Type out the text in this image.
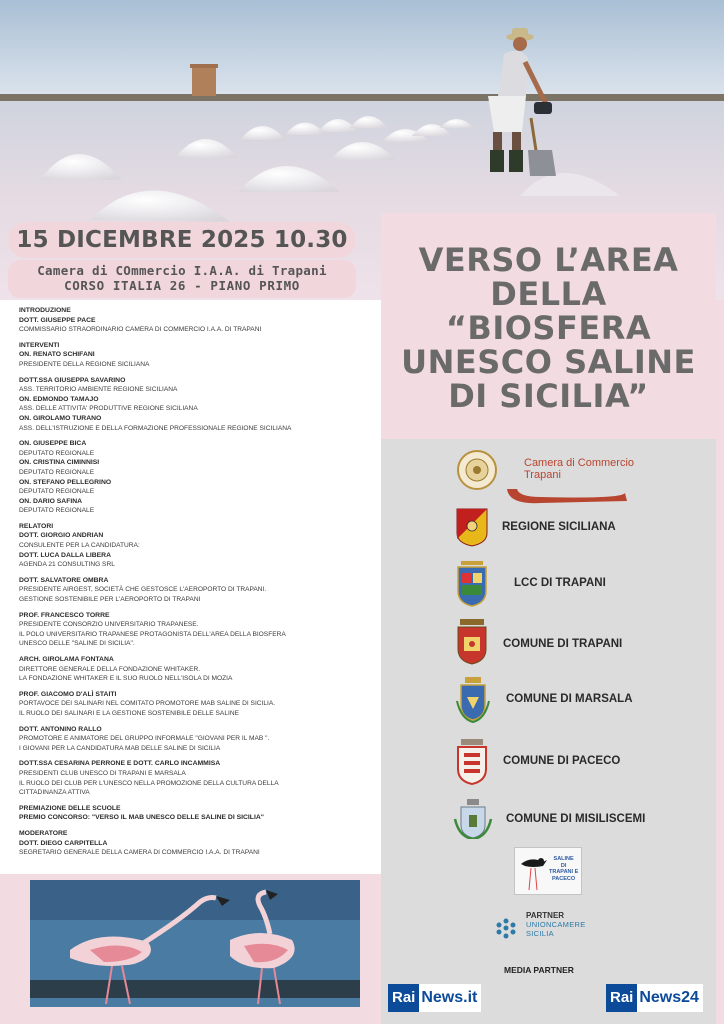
15 DICEMBRE 2025 10.30
Camera di COmmercio I.A.A. di Trapani
CORSO ITALIA 26 - PIANO PRIMO
VERSO L’AREA
DELLA
“BIOSFERA
UNESCO SALINE
DI SICILIA”
INTRODUZIONE
DOTT. GIUSEPPE PACE
COMMISSARIO STRAORDINARIO CAMERA DI COMMERCIO I.A.A. DI TRAPANI
INTERVENTI
ON. RENATO SCHIFANI
PRESIDENTE DELLA REGIONE SICILIANA
DOTT.SSA GIUSEPPA SAVARINO
ASS. TERRITORIO AMBIENTE REGIONE SICILIANA
ON. EDMONDO TAMAJO
ASS. DELLE ATTIVITA' PRODUTTIVE REGIONE SICILIANA
ON. GIROLAMO TURANO
ASS. DELL'ISTRUZIONE E DELLA FORMAZIONE PROFESSIONALE REGIONE SICILIANA
ON. GIUSEPPE BICA
DEPUTATO REGIONALE
ON. CRISTINA CIMINNISI
DEPUTATO REGIONALE
ON. STEFANO PELLEGRINO
DEPUTATO REGIONALE
ON. DARIO SAFINA
DEPUTATO REGIONALE
RELATORI
DOTT. GIORGIO ANDRIAN
CONSULENTE PER LA CANDIDATURA:
DOTT. LUCA DALLA LIBERA
AGENDA 21 CONSULTING SRL
DOTT. SALVATORE OMBRA
PRESIDENTE AIRGEST, SOCIETÀ CHE GESTOSCE L'AEROPORTO DI TRAPANI.
GESTIONE SOSTENIBILE PER L'AEROPORTO DI TRAPANI
PROF. FRANCESCO TORRE
PRESIDENTE CONSORZIO UNIVERSITARIO TRAPANESE.
IL POLO UNIVERSITARIO TRAPANESE PROTAGONISTA DELL'AREA DELLA BIOSFERA
UNESCO DELLE "SALINE DI SICILIA".
ARCH. GIROLAMA FONTANA
DIRETTORE GENERALE DELLA FONDAZIONE WHITAKER.
LA FONDAZIONE WHITAKER E IL SUO RUOLO NELL'ISOLA DI MOZIA
PROF. GIACOMO D'ALÌ STAITI
PORTAVOCE DEI SALINARI NEL COMITATO PROMOTORE MAB SALINE DI SICILIA.
IL RUOLO DEI SALINARI E LA GESTIONE SOSTENIBILE DELLE SALINE
DOTT. ANTONINO RALLO
PROMOTORE E ANIMATORE DEL GRUPPO INFORMALE "GIOVANI PER IL MAB ".
I GIOVANI PER LA CANDIDATURA MAB DELLE SALINE DI SICILIA
DOTT.SSA CESARINA PERRONE E DOTT. CARLO INCAMMISA
PRESIDENTI CLUB UNESCO DI TRAPANI E MARSALA
IL RUOLO DEI CLUB PER L'UNESCO NELLA PROMOZIONE DELLA CULTURA DELLA
CITTADINANZA ATTIVA
PREMIAZIONE DELLE SCUOLE
PREMIO CONCORSO: "VERSO IL MAB UNESCO DELLE SALINE DI SICILIA"
MODERATORE
DOTT. DIEGO CARPITELLA
SEGRETARIO GENERALE DELLA CAMERA DI COMMERCIO I.A.A. DI TRAPANI
Camera di Commercio
Trapani
REGIONE SICILIANA
LCC DI TRAPANI
COMUNE DI TRAPANI
COMUNE DI MARSALA
COMUNE DI PACECO
COMUNE DI MISILISCEMI
SALINE
DI
TRAPANI E
PACECO
Rai News.it	Rai News24
PARTNER
UNIONCAMERE
SICILIA
MEDIA PARTNER
